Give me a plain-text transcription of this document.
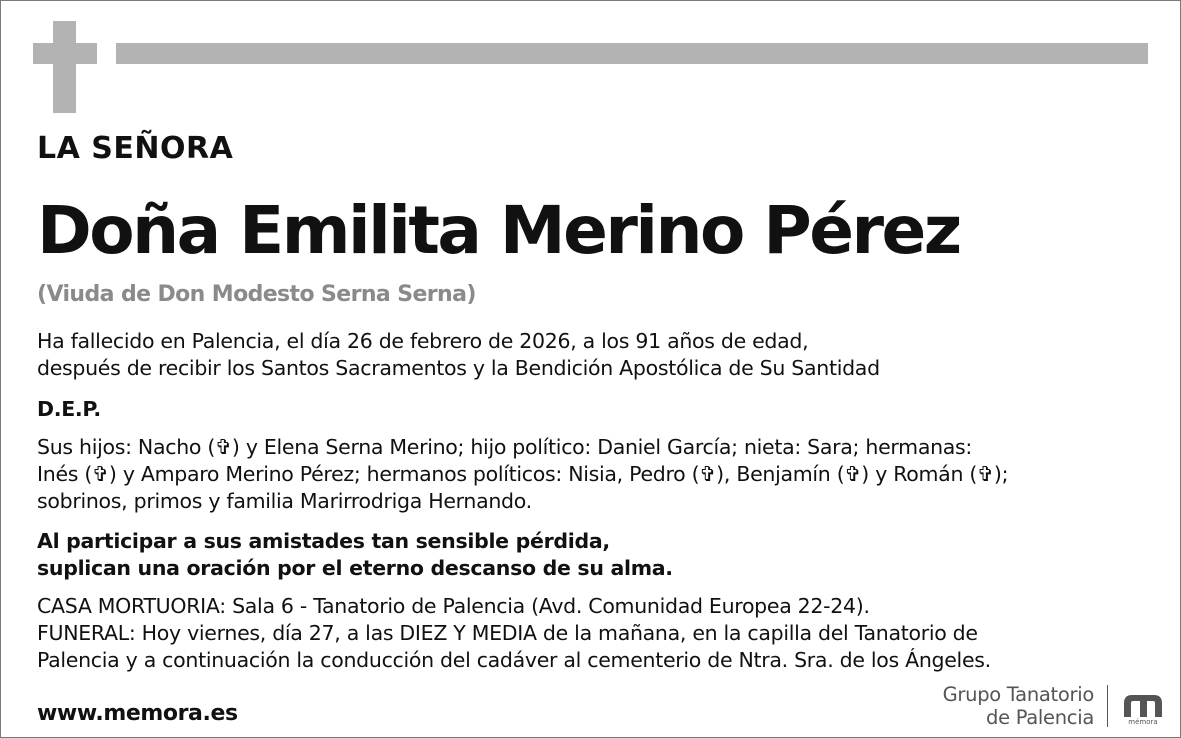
LA SEÑORA
Doña Emilita Merino Pérez
(Viuda de Don Modesto Serna Serna)
Ha fallecido en Palencia, el día 26 de febrero de 2026, a los 91 años de edad,
después de recibir los Santos Sacramentos y la Bendición Apostólica de Su Santidad
D.E.P.
Sus hijos: Nacho (✞) y Elena Serna Merino; hijo político: Daniel García; nieta: Sara; hermanas:
Inés (✞) y Amparo Merino Pérez; hermanos políticos: Nisia, Pedro (✞), Benjamín (✞) y Román (✞);
sobrinos, primos y familia Marirrodriga Hernando.
Al participar a sus amistades tan sensible pérdida,
suplican una oración por el eterno descanso de su alma.
CASA MORTUORIA: Sala 6 - Tanatorio de Palencia (Avd. Comunidad Europea 22-24).
FUNERAL: Hoy viernes, día 27, a las DIEZ Y MEDIA de la mañana, en la capilla del Tanatorio de
Palencia y a continuación la conducción del cadáver al cementerio de Ntra. Sra. de los Ángeles.
www.memora.es
Grupo Tanatorio
de Palencia	mémora
